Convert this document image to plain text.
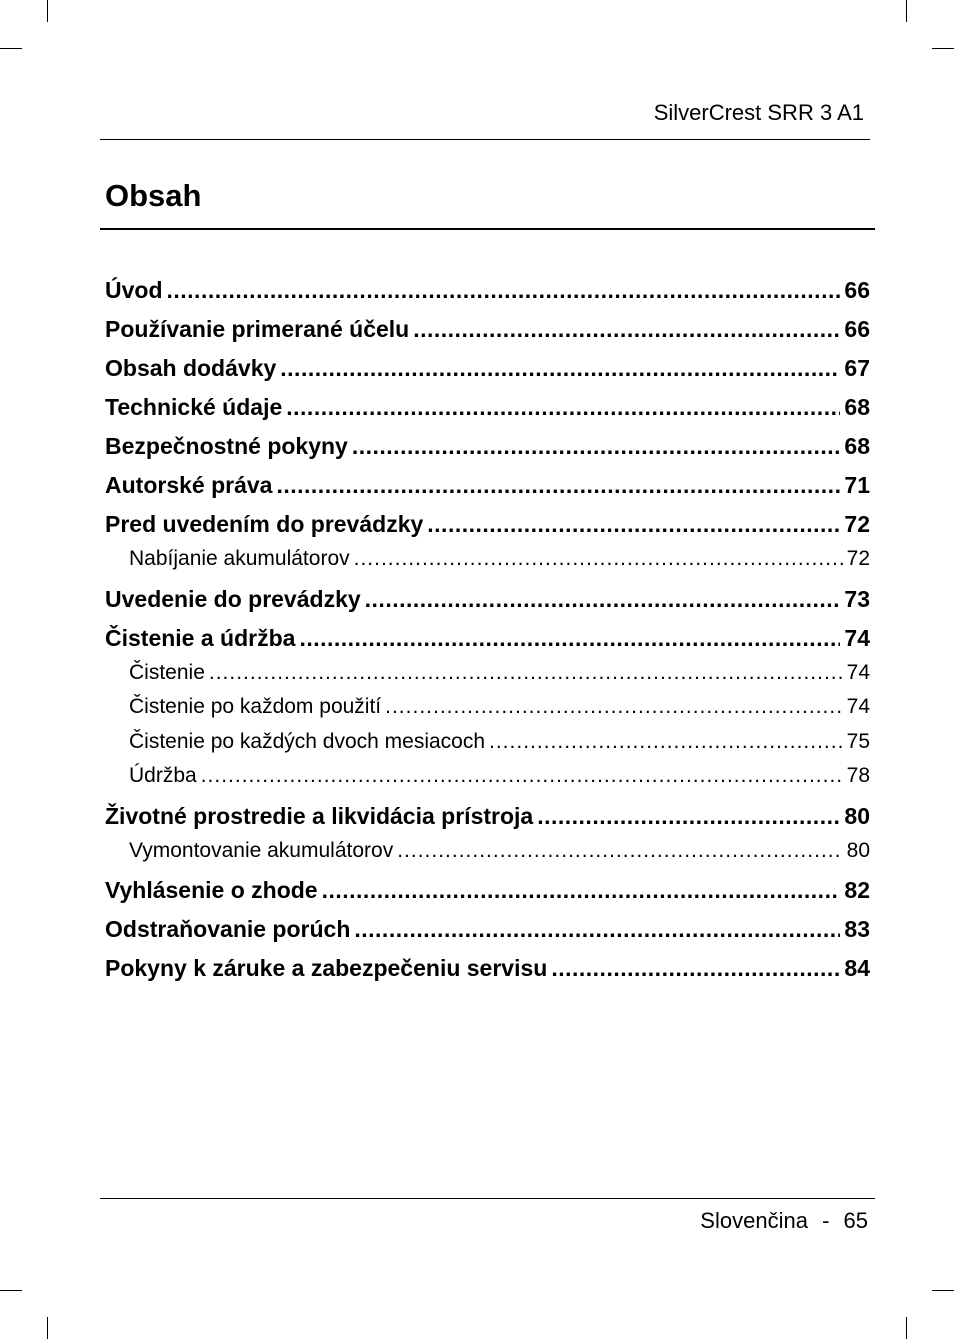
SilverCrest SRR 3 A1
Obsah
Úvod .....	66
Používanie primerané účelu .....	66
Obsah dodávky .....	67
Technické údaje .....	68
Bezpečnostné pokyny .....	68
Autorské práva .....	71
Pred uvedením do prevádzky .....	72
Nabíjanie akumulátorov .....	72
Uvedenie do prevádzky .....	73
Čistenie a údržba .....	74
Čistenie .....	74
Čistenie po každom použití .....	74
Čistenie po každých dvoch mesiacoch .....	75
Údržba .....	78
Životné prostredie a likvidácia prístroja .....	80
Vymontovanie akumulátorov .....	80
Vyhlásenie o zhode .....	82
Odstraňovanie porúch .....	83
Pokyny k záruke a zabezpečeniu servisu .....	84
Slovenčina - 65
